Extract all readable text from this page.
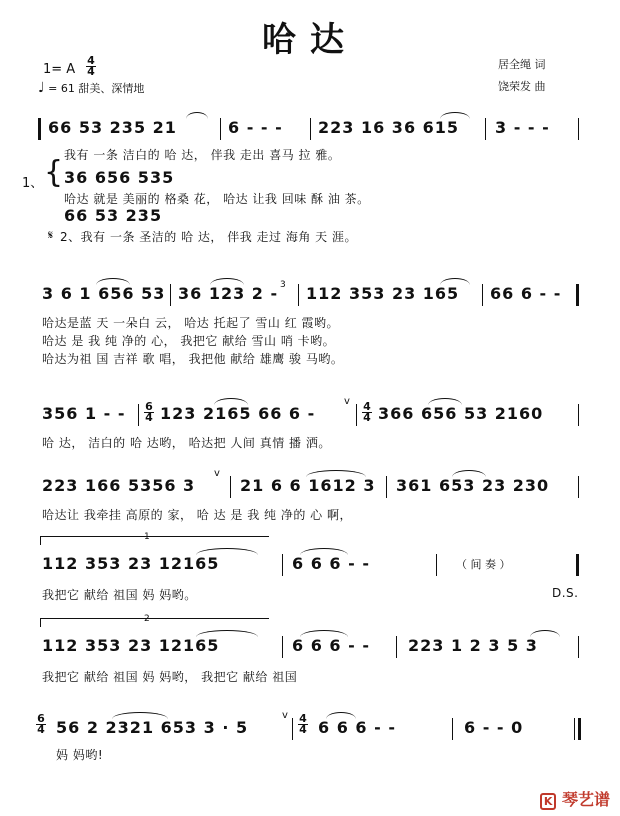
哈达
1= A $\frac{4}{4}$
♩ = 61 甜美、深情地
居全绳 词
饶荣发 曲
66 53 235 21	6 - - - 223 16 36 615 3 - - -
我有 一条 洁白的 哈 达， 伴我 走出 喜马 拉 雅。
1、 { 36 656 535
哈达 就是 美丽的 格桑 花， 哈达 让我 回味 酥 油 茶。
66 53 235
𝄋 2、我有 一条 圣洁的 哈 达， 伴我 走过 海角 天 涯。
3 6 1 656 53 36 123 2 - 3 112 353 23 165 66 6 - -
哈达是蓝 天 一朵白 云， 哈达 托起了 雪山 红 霞哟。
哈达 是 我 纯 净的 心， 我把它 献给 雪山 哨 卡哟。
哈达为祖 国 吉祥 歌 唱， 我把他 献给 雄鹰 骏 马哟。
356 1 - - $\frac{6}{4} 123$ 2165 66 6 -
v
$\frac{4}{4} 366$ 656 53 2160
哈 达， 洁白的 哈 达哟， 哈达把 人间 真情 播 洒。
223 166 5356 3
v
21 6 6 1612 3 361 653 23 230
哈达让 我牵挂 高原的 家， 哈 达 是 我 纯 净的 心 啊，
1
112 353 23 12165	6 6 6 - -	（ 间 奏 ）
我把它 献给 祖国 妈 妈哟。	D.S.
2
112 353 23 12165	6 6 6 - - 223 1 2 3 5 3
我把它 献给 祖国 妈 妈哟， 我把它 献给 祖国
$\frac{6}{4} 56$ 2 2321 653 3 · 5
v $\frac{4}{4} 6$ 6 6 - -	6 - - 0
妈 妈哟!
K 琴艺谱
